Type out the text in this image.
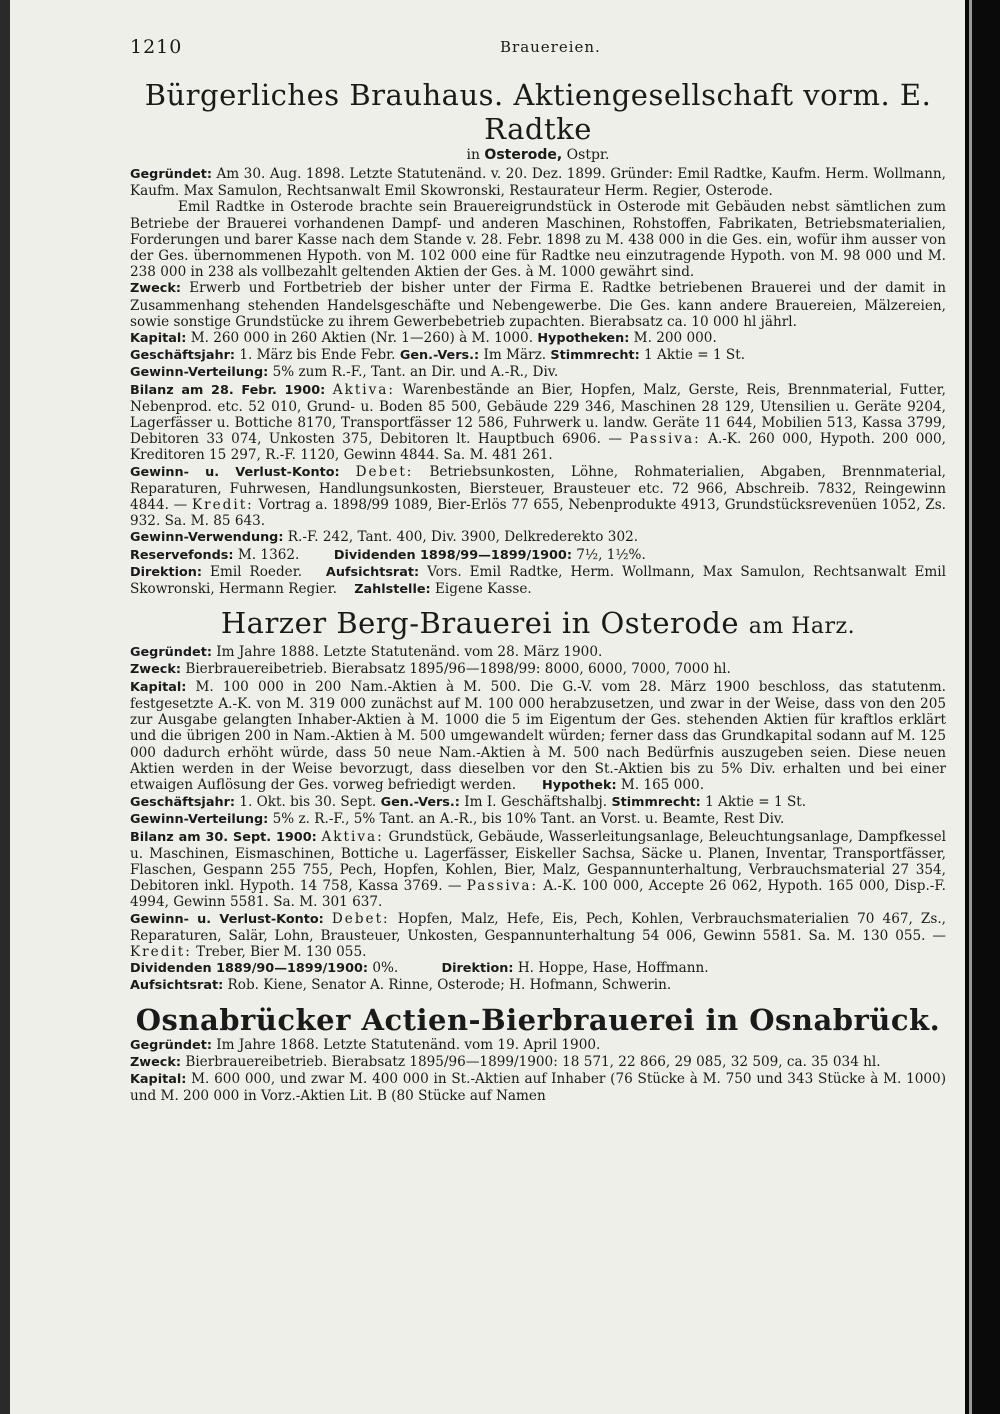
1210	Brauereien.
Bürgerliches Brauhaus. Aktiengesellschaft vorm. E. Radtke
in Osterode, Ostpr.

Gegründet: Am 30. Aug. 1898. Letzte Statutenänd. v. 20. Dez. 1899. Gründer: Emil Radtke, Kaufm. Herm. Wollmann, Kaufm. Max Samulon, Rechtsanwalt Emil Skowronski, Restaurateur Herm. Regier, Osterode.

Emil Radtke in Osterode brachte sein Brauereigrundstück in Osterode mit Gebäuden nebst sämtlichen zum Betriebe der Brauerei vorhandenen Dampf- und anderen Maschinen, Rohstoffen, Fabrikaten, Betriebsmaterialien, Forderungen und barer Kasse nach dem Stande v. 28. Febr. 1898 zu M. 438 000 in die Ges. ein, wofür ihm ausser von der Ges. übernommenen Hypoth. von M. 102 000 eine für Radtke neu einzutragende Hypoth. von M. 98 000 und M. 238 000 in 238 als vollbezahlt geltenden Aktien der Ges. à M. 1000 gewährt sind.

Zweck: Erwerb und Fortbetrieb der bisher unter der Firma E. Radtke betriebenen Brauerei und der damit in Zusammenhang stehenden Handelsgeschäfte und Nebengewerbe. Die Ges. kann andere Brauereien, Mälzereien, sowie sonstige Grundstücke zu ihrem Gewerbebetrieb zupachten. Bierabsatz ca. 10 000 hl jährl.

Kapital: M. 260 000 in 260 Aktien (Nr. 1—260) à M. 1000. Hypotheken: M. 200 000.

Geschäftsjahr: 1. März bis Ende Febr. Gen.-Vers.: Im März. Stimmrecht: 1 Aktie = 1 St.

Gewinn-Verteilung: 5% zum R.-F., Tant. an Dir. und A.-R., Div.

Bilanz am 28. Febr. 1900: Aktiva: Warenbestände an Bier, Hopfen, Malz, Gerste, Reis, Brennmaterial, Futter, Nebenprod. etc. 52 010, Grund- u. Boden 85 500, Gebäude 229 346, Maschinen 28 129, Utensilien u. Geräte 9204, Lagerfässer u. Bottiche 8170, Transportfässer 12 586, Fuhrwerk u. landw. Geräte 11 644, Mobilien 513, Kassa 3799, Debitoren 33 074, Unkosten 375, Debitoren lt. Hauptbuch 6906. — Passiva: A.-K. 260 000, Hypoth. 200 000, Kreditoren 15 297, R.-F. 1120, Gewinn 4844. Sa. M. 481 261.

Gewinn- u. Verlust-Konto: Debet: Betriebsunkosten, Löhne, Rohmaterialien, Abgaben, Brennmaterial, Reparaturen, Fuhrwesen, Handlungsunkosten, Biersteuer, Brausteuer etc. 72 966, Abschreib. 7832, Reingewinn 4844. — Kredit: Vortrag a. 1898/99 1089, Bier-Erlös 77 655, Nebenprodukte 4913, Grundstücksrevenüen 1052, Zs. 932. Sa. M. 85 643.

Gewinn-Verwendung: R.-F. 242, Tant. 400, Div. 3900, Delkrederekto 302.

Reservefonds: M. 1362.	Dividenden 1898/99—1899/1900: 7½, 1½%.

Direktion: Emil Roeder. Aufsichtsrat: Vors. Emil Radtke, Herm. Wollmann, Max Samulon, Rechtsanwalt Emil Skowronski, Hermann Regier. Zahlstelle: Eigene Kasse.

Harzer Berg-Brauerei in Osterode am Harz.

Gegründet: Im Jahre 1888. Letzte Statutenänd. vom 28. März 1900.

Zweck: Bierbrauereibetrieb. Bierabsatz 1895/96—1898/99: 8000, 6000, 7000, 7000 hl.

Kapital: M. 100 000 in 200 Nam.-Aktien à M. 500. Die G.-V. vom 28. März 1900 beschloss, das statutenm. festgesetzte A.-K. von M. 319 000 zunächst auf M. 100 000 herabzusetzen, und zwar in der Weise, dass von den 205 zur Ausgabe gelangten Inhaber-Aktien à M. 1000 die 5 im Eigentum der Ges. stehenden Aktien für kraftlos erklärt und die übrigen 200 in Nam.-Aktien à M. 500 umgewandelt würden; ferner dass das Grundkapital sodann auf M. 125 000 dadurch erhöht würde, dass 50 neue Nam.-Aktien à M. 500 nach Bedürfnis auszugeben seien. Diese neuen Aktien werden in der Weise bevorzugt, dass dieselben vor den St.-Aktien bis zu 5% Div. erhalten und bei einer etwaigen Auflösung der Ges. vorweg befriedigt werden. Hypothek: M. 165 000.

Geschäftsjahr: 1. Okt. bis 30. Sept. Gen.-Vers.: Im I. Geschäftshalbj. Stimmrecht: 1 Aktie = 1 St.

Gewinn-Verteilung: 5% z. R.-F., 5% Tant. an A.-R., bis 10% Tant. an Vorst. u. Beamte, Rest Div.

Bilanz am 30. Sept. 1900: Aktiva: Grundstück, Gebäude, Wasserleitungsanlage, Beleuchtungsanlage, Dampfkessel u. Maschinen, Eismaschinen, Bottiche u. Lagerfässer, Eiskeller Sachsa, Säcke u. Planen, Inventar, Transportfässer, Flaschen, Gespann 255 755, Pech, Hopfen, Kohlen, Bier, Malz, Gespannunterhaltung, Verbrauchsmaterial 27 354, Debitoren inkl. Hypoth. 14 758, Kassa 3769. — Passiva: A.-K. 100 000, Accepte 26 062, Hypoth. 165 000, Disp.-F. 4994, Gewinn 5581. Sa. M. 301 637.

Gewinn- u. Verlust-Konto: Debet: Hopfen, Malz, Hefe, Eis, Pech, Kohlen, Verbrauchsmaterialien 70 467, Zs., Reparaturen, Salär, Lohn, Brausteuer, Unkosten, Gespannunterhaltung 54 006, Gewinn 5581. Sa. M. 130 055. — Kredit: Treber, Bier M. 130 055.

Dividenden 1889/90—1899/1900: 0%.	Direktion: H. Hoppe, Hase, Hoffmann.

Aufsichtsrat: Rob. Kiene, Senator A. Rinne, Osterode; H. Hofmann, Schwerin.

Osnabrücker Actien-Bierbrauerei in Osnabrück.

Gegründet: Im Jahre 1868. Letzte Statutenänd. vom 19. April 1900.

Zweck: Bierbrauereibetrieb. Bierabsatz 1895/96—1899/1900: 18 571, 22 866, 29 085, 32 509, ca. 35 034 hl.

Kapital: M. 600 000, und zwar M. 400 000 in St.-Aktien auf Inhaber (76 Stücke à M. 750 und 343 Stücke à M. 1000) und M. 200 000 in Vorz.-Aktien Lit. B (80 Stücke auf Namen
